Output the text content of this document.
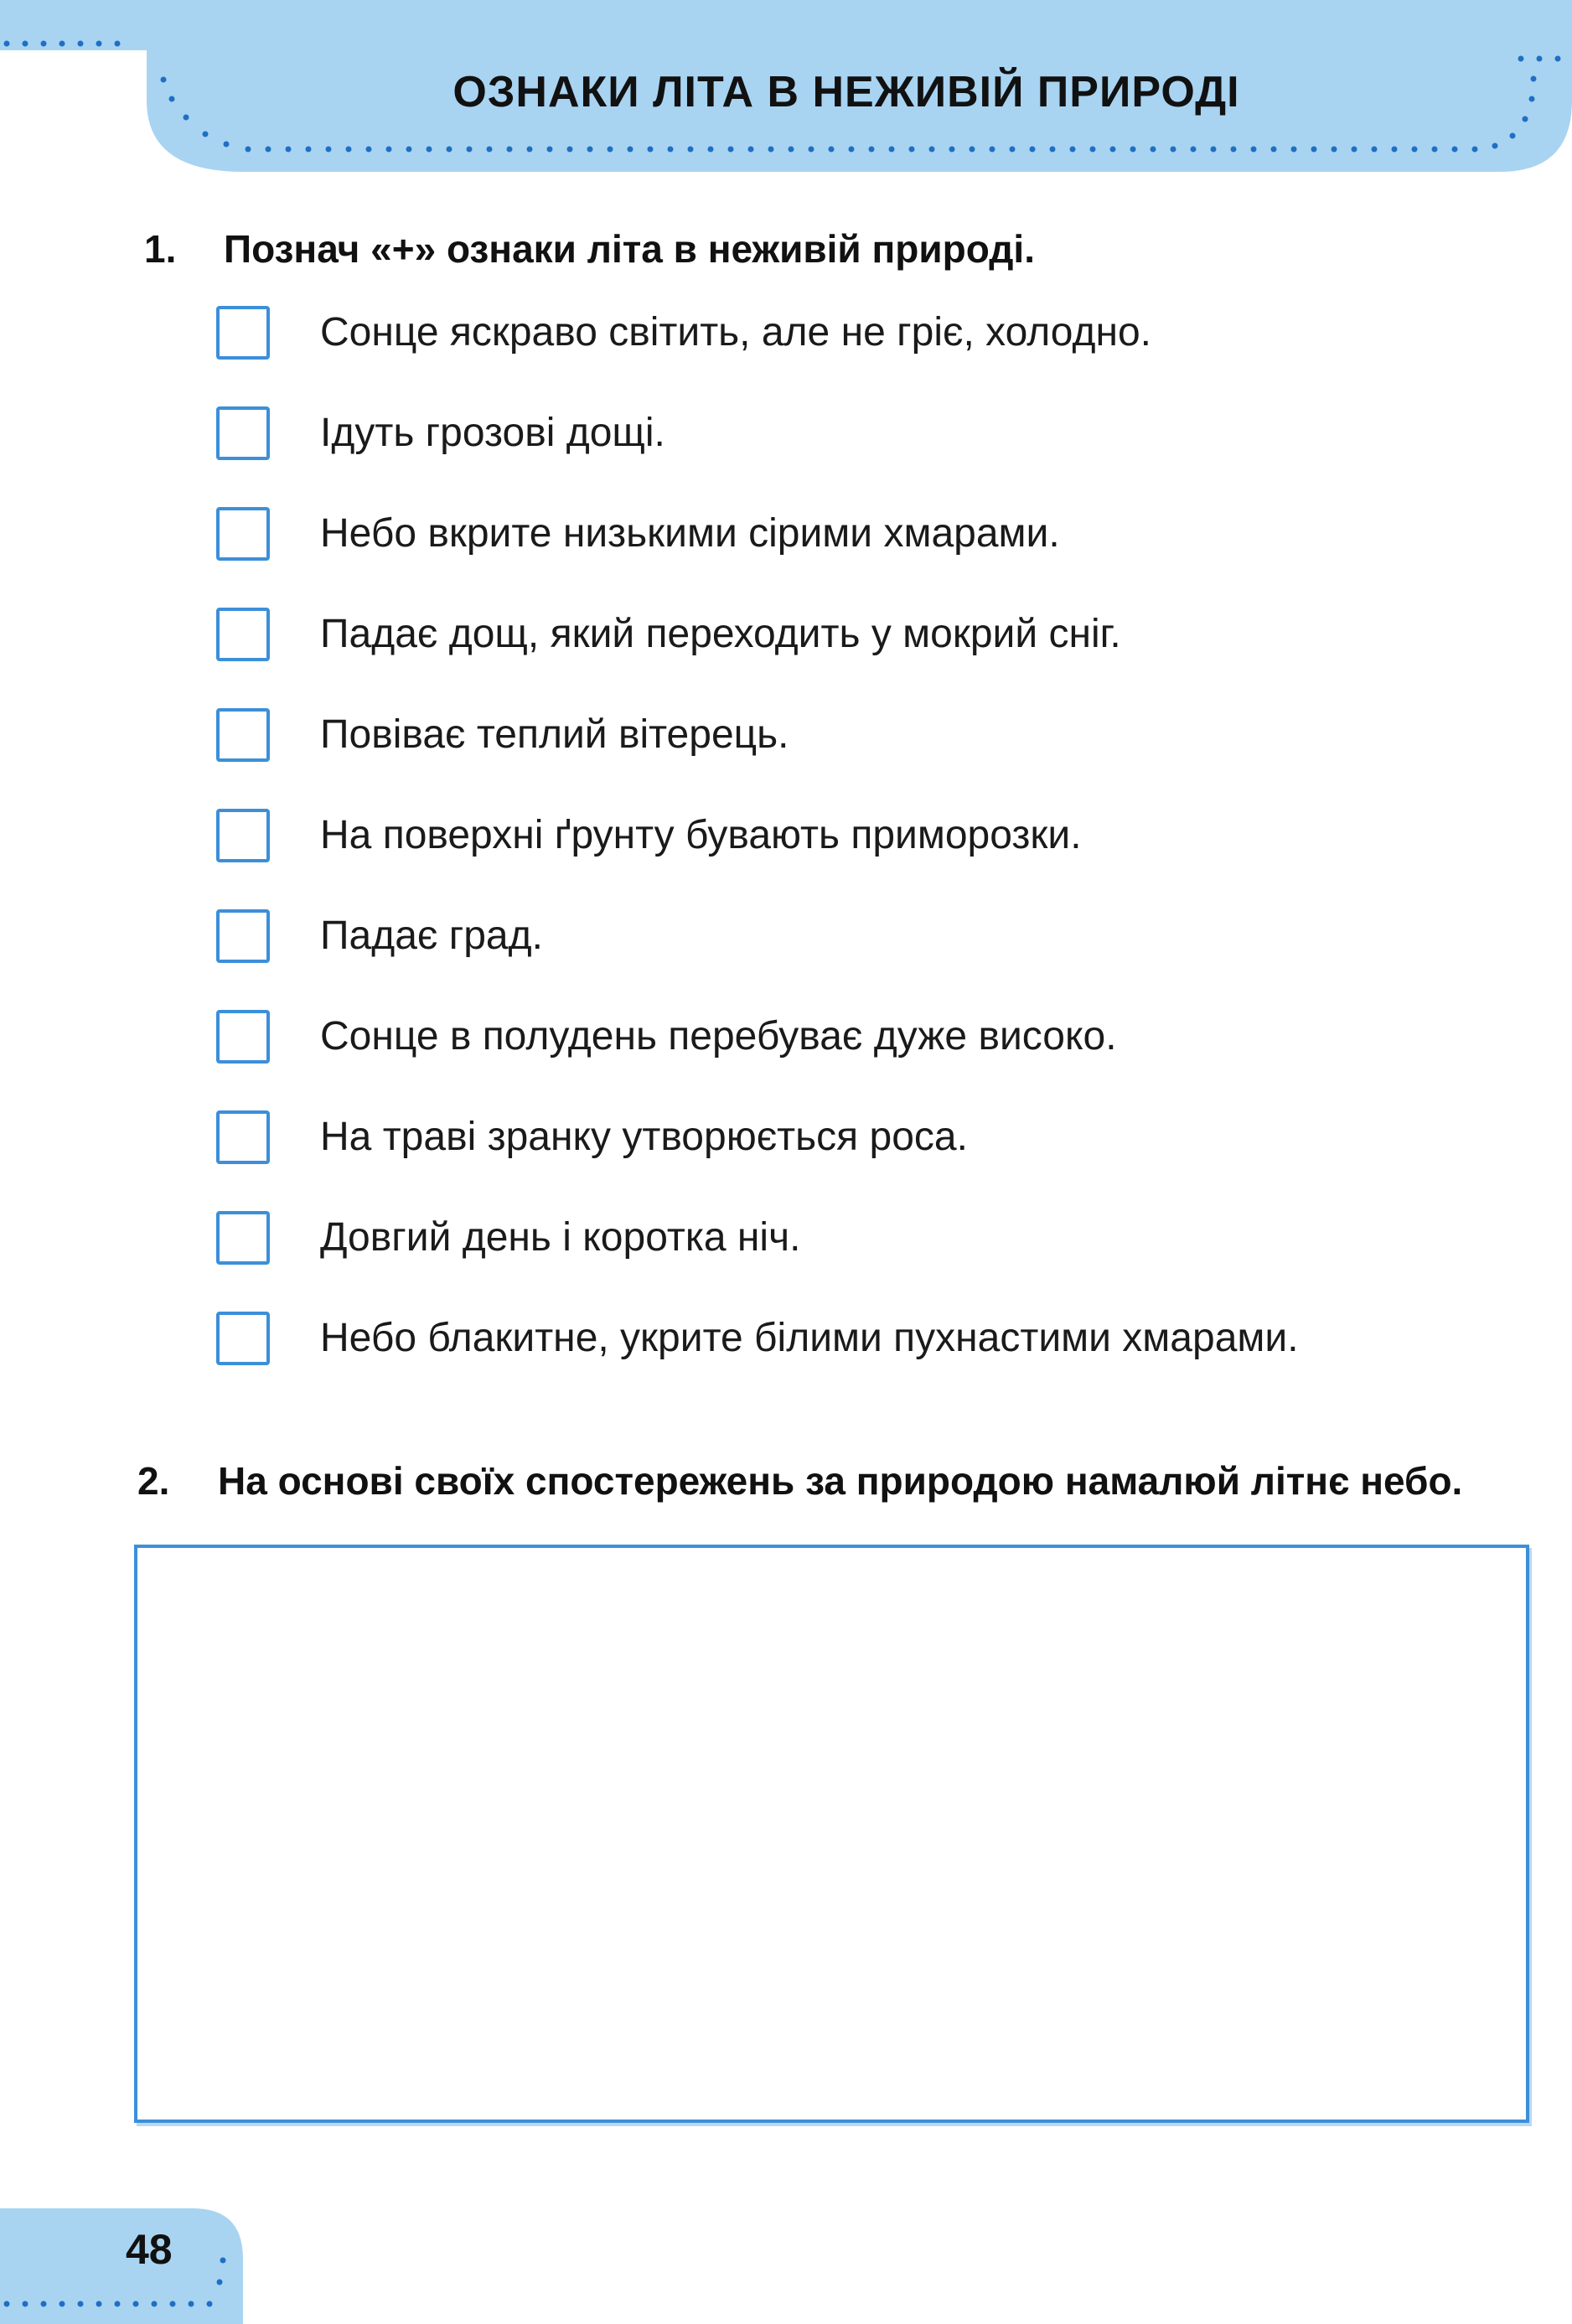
ОЗНАКИ ЛІТА В НЕЖИВІЙ ПРИРОДІ
1. Познач «+» ознаки літа в неживій природі.
Сонце яскраво світить, але не гріє, холодно.
Ідуть грозові дощі.
Небо вкрите низькими сірими хмарами.
Падає дощ, який переходить у мокрий сніг.
Повіває теплий вітерець.
На поверхні ґрунту бувають приморозки.
Падає град.
Сонце в полудень перебуває дуже високо.
На траві зранку утворюється роса.
Довгий день і коротка ніч.
Небо блакитне, укрите білими пухнастими хмарами.
2. На основі своїх спостережень за природою намалюй літнє небо.
48
